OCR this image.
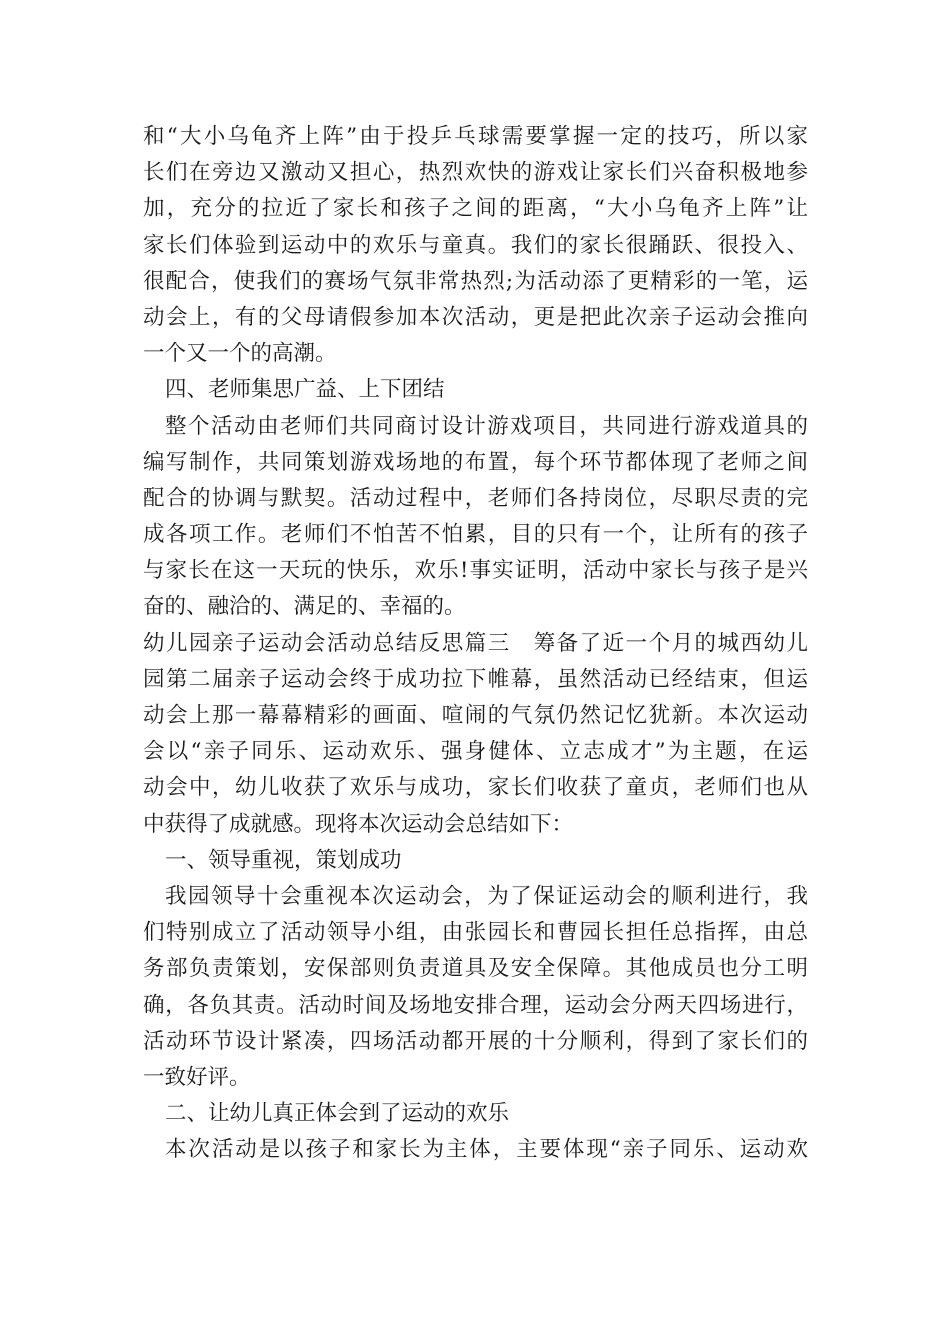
和“大小乌龟齐上阵”由于投乒乓球需要掌握一定的技巧，所以家
长们在旁边又激动又担心，热烈欢快的游戏让家长们兴奋积极地参
加，充分的拉近了家长和孩子之间的距离，“大小乌龟齐上阵”让
家长们体验到运动中的欢乐与童真。我们的家长很踊跃、很投入、
很配合，使我们的赛场气氛非常热烈;为活动添了更精彩的一笔，运
动会上，有的父母请假参加本次活动，更是把此次亲子运动会推向
一个又一个的高潮。
四、老师集思广益、上下团结
整个活动由老师们共同商讨设计游戏项目，共同进行游戏道具的
编写制作，共同策划游戏场地的布置，每个环节都体现了老师之间
配合的协调与默契。活动过程中，老师们各持岗位，尽职尽责的完
成各项工作。老师们不怕苦不怕累，目的只有一个，让所有的孩子
与家长在这一天玩的快乐，欢乐!事实证明，活动中家长与孩子是兴
奋的、融洽的、满足的、幸福的。
幼儿园亲子运动会活动总结反思篇三　筹备了近一个月的城西幼儿
园第二届亲子运动会终于成功拉下帷幕，虽然活动已经结束，但运
动会上那一幕幕精彩的画面、喧闹的气氛仍然记忆犹新。本次运动
会以“亲子同乐、运动欢乐、强身健体、立志成才”为主题，在运
动会中，幼儿收获了欢乐与成功，家长们收获了童贞，老师们也从
中获得了成就感。现将本次运动会总结如下：
一、领导重视，策划成功
我园领导十会重视本次运动会，为了保证运动会的顺利进行，我
们特别成立了活动领导小组，由张园长和曹园长担任总指挥，由总
务部负责策划，安保部则负责道具及安全保障。其他成员也分工明
确，各负其责。活动时间及场地安排合理，运动会分两天四场进行，
活动环节设计紧凑，四场活动都开展的十分顺利，得到了家长们的
一致好评。
二、让幼儿真正体会到了运动的欢乐
本次活动是以孩子和家长为主体，主要体现“亲子同乐、运动欢
